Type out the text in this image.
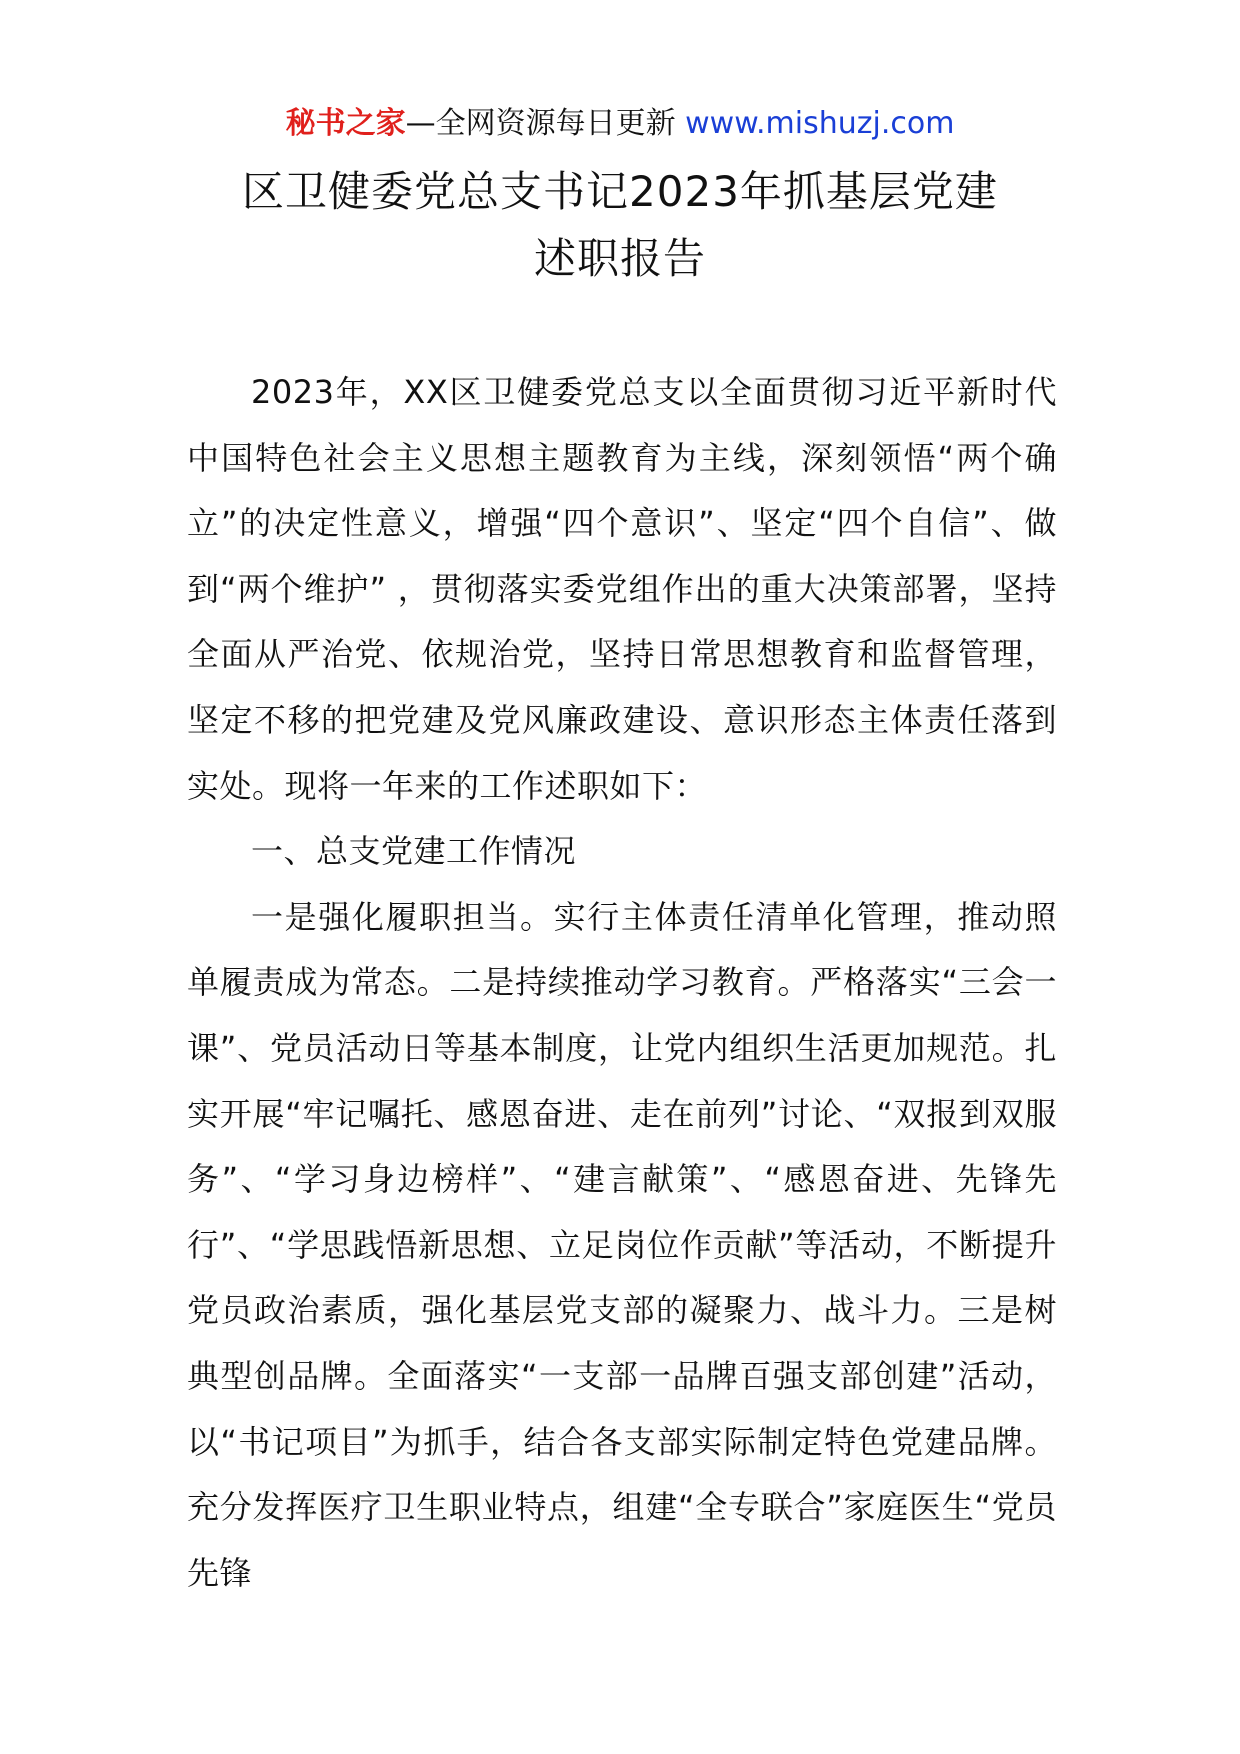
秘书之家—全网资源每日更新 www.mishuzj.com
区卫健委党总支书记2023年抓基层党建
述职报告

2023年，XX区卫健委党总支以全面贯彻习近平新时代中国特色社会主义思想主题教育为主线，深刻领悟“两个确立”的决定性意义，增强“四个意识”、坚定“四个自信”、做到“两个维护” ，贯彻落实委党组作出的重大决策部署，坚持全面从严治党、依规治党，坚持日常思想教育和监督管理，坚定不移的把党建及党风廉政建设、意识形态主体责任落到实处。现将一年来的工作述职如下：

一、总支党建工作情况

一是强化履职担当。实行主体责任清单化管理，推动照单履责成为常态。二是持续推动学习教育。严格落实“三会一课”、党员活动日等基本制度，让党内组织生活更加规范。扎实开展“牢记嘱托、感恩奋进、走在前列”讨论、“双报到双服务”、“学习身边榜样”、“建言献策”、“感恩奋进、先锋先行”、“学思践悟新思想、立足岗位作贡献”等活动，不断提升党员政治素质，强化基层党支部的凝聚力、战斗力。三是树典型创品牌。全面落实“一支部一品牌百强支部创建”活动，以“书记项目”为抓手，结合各支部实际制定特色党建品牌。充分发挥医疗卫生职业特点，组建“全专联合”家庭医生“党员先锋
